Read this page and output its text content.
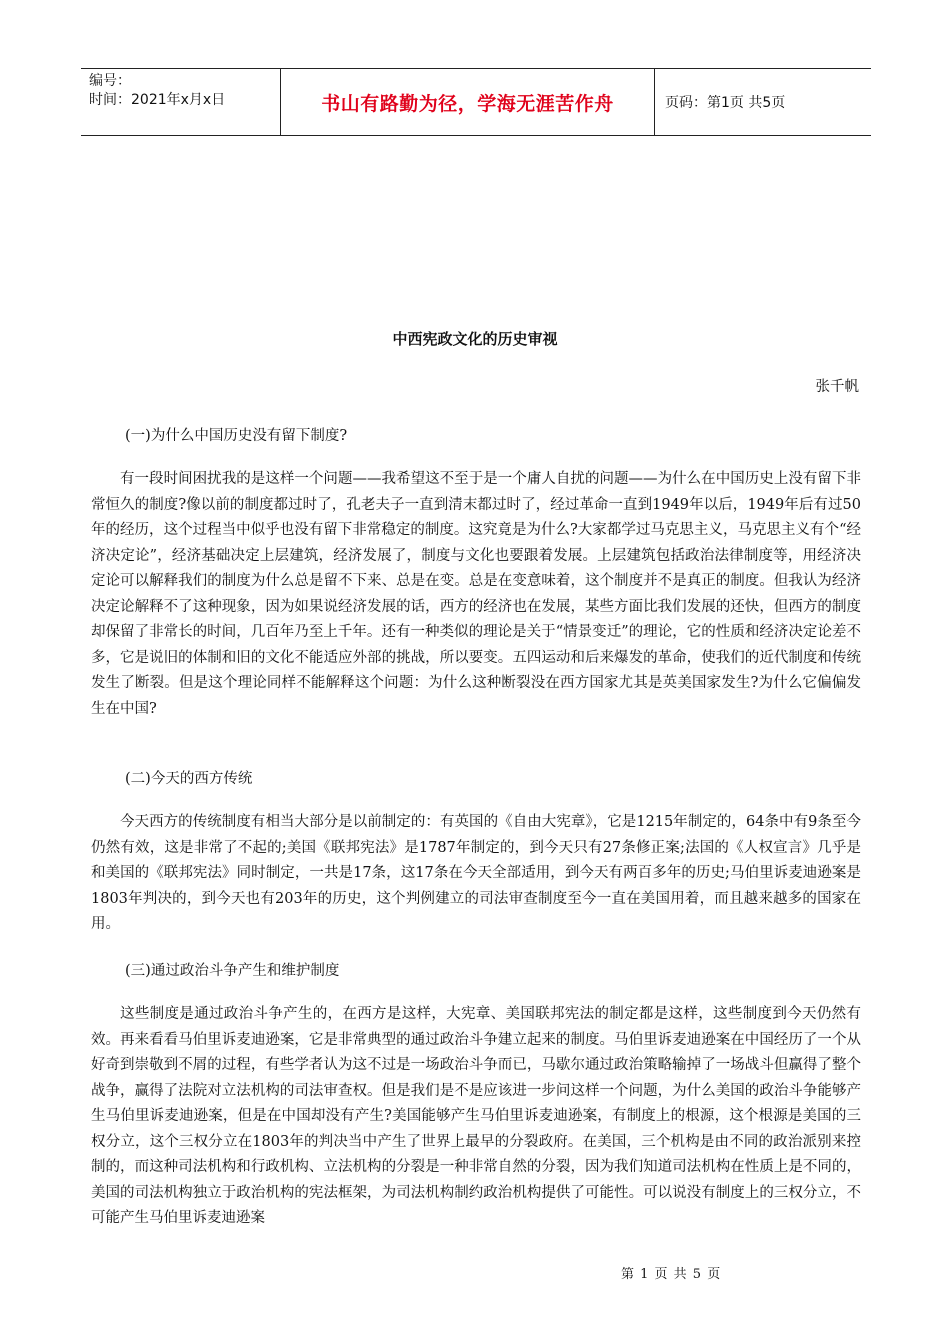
编号：
时间：2021年x月x日	书山有路勤为径，学海无涯苦作舟	页码：第1页 共5页
中西宪政文化的历史审视
张千帆

(一)为什么中国历史没有留下制度?

有一段时间困扰我的是这样一个问题——我希望这不至于是一个庸人自扰的问题——为什么在中国历史上没有留下非常恒久的制度?像以前的制度都过时了，孔老夫子一直到清末都过时了，经过革命一直到1949年以后，1949年后有过50年的经历，这个过程当中似乎也没有留下非常稳定的制度。这究竟是为什么?大家都学过马克思主义，马克思主义有个“经济决定论”，经济基础决定上层建筑，经济发展了，制度与文化也要跟着发展。上层建筑包括政治法律制度等，用经济决定论可以解释我们的制度为什么总是留不下来、总是在变。总是在变意味着，这个制度并不是真正的制度。但我认为经济决定论解释不了这种现象，因为如果说经济发展的话，西方的经济也在发展，某些方面比我们发展的还快，但西方的制度却保留了非常长的时间，几百年乃至上千年。还有一种类似的理论是关于“情景变迁”的理论，它的性质和经济决定论差不多，它是说旧的体制和旧的文化不能适应外部的挑战，所以要变。五四运动和后来爆发的革命，使我们的近代制度和传统发生了断裂。但是这个理论同样不能解释这个问题：为什么这种断裂没在西方国家尤其是英美国家发生?为什么它偏偏发生在中国?

(二)今天的西方传统

今天西方的传统制度有相当大部分是以前制定的：有英国的《自由大宪章》，它是1215年制定的，64条中有9条至今仍然有效，这是非常了不起的;美国《联邦宪法》是1787年制定的，到今天只有27条修正案;法国的《人权宣言》几乎是和美国的《联邦宪法》同时制定，一共是17条，这17条在今天全部适用，到今天有两百多年的历史;马伯里诉麦迪逊案是1803年判决的，到今天也有203年的历史，这个判例建立的司法审查制度至今一直在美国用着，而且越来越多的国家在用。

(三)通过政治斗争产生和维护制度

这些制度是通过政治斗争产生的，在西方是这样，大宪章、美国联邦宪法的制定都是这样，这些制度到今天仍然有效。再来看看马伯里诉麦迪逊案，它是非常典型的通过政治斗争建立起来的制度。马伯里诉麦迪逊案在中国经历了一个从好奇到崇敬到不屑的过程，有些学者认为这不过是一场政治斗争而已，马歇尔通过政治策略输掉了一场战斗但赢得了整个战争，赢得了法院对立法机构的司法审查权。但是我们是不是应该进一步问这样一个问题，为什么美国的政治斗争能够产生马伯里诉麦迪逊案，但是在中国却没有产生?美国能够产生马伯里诉麦迪逊案，有制度上的根源，这个根源是美国的三权分立，这个三权分立在1803年的判决当中产生了世界上最早的分裂政府。在美国，三个机构是由不同的政治派别来控制的，而这种司法机构和行政机构、立法机构的分裂是一种非常自然的分裂，因为我们知道司法机构在性质上是不同的，美国的司法机构独立于政治机构的宪法框架，为司法机构制约政治机构提供了可能性。可以说没有制度上的三权分立，不可能产生马伯里诉麦迪逊案

第 1 页 共 5 页
